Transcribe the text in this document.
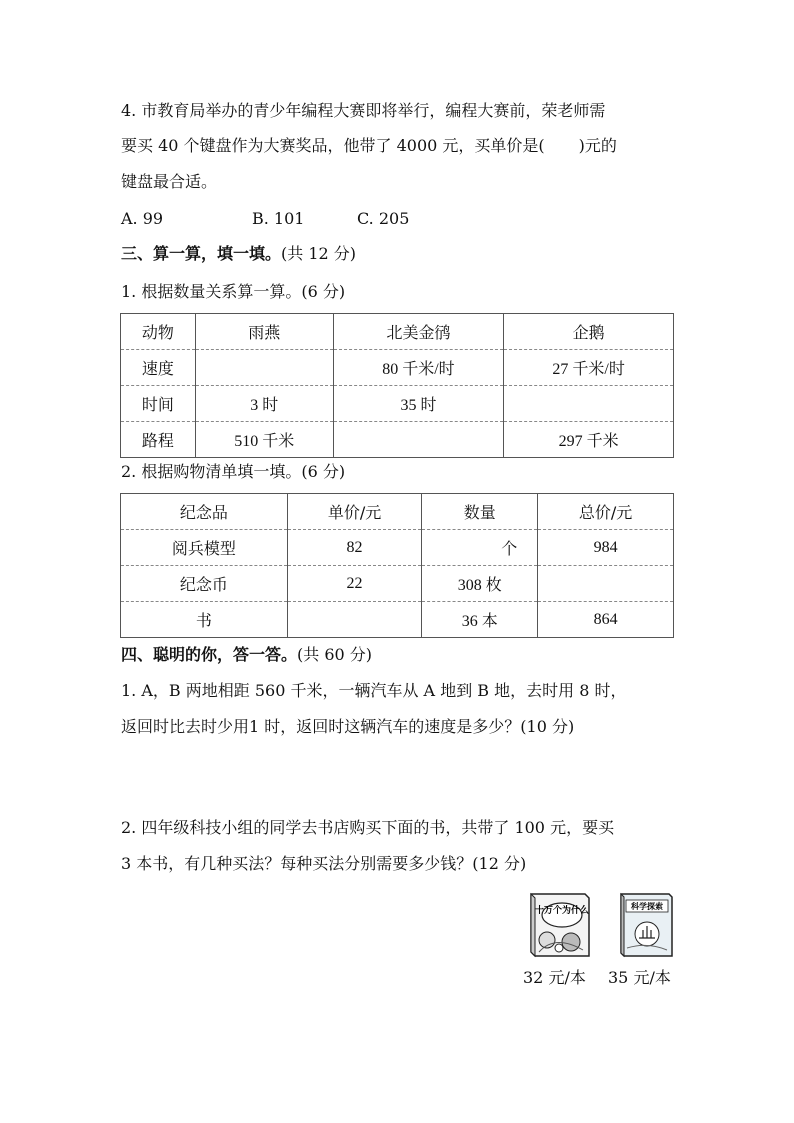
4. 市教育局举办的青少年编程大赛即将举行，编程大赛前，荣老师需
要买 40 个键盘作为大赛奖品，他带了 4000 元，买单价是( )元的
键盘最合适。
A. 99	B. 101	C. 205
三、算一算，填一填。(共 12 分)
1. 根据数量关系算一算。(6 分)
动物	雨燕	北美金鸻	企鹅
速度		80 千米/时	27 千米/时
时间	3 时	35 时	
路程	510 千米		297 千米
2. 根据购物清单填一填。(6 分)
纪念品	单价/元	数量	总价/元
阅兵模型	82	个	984
纪念币	22	308 枚	
书		36 本	864
四、聪明的你，答一答。(共 60 分)
1. A，B 两地相距 560 千米，一辆汽车从 A 地到 B 地，去时用 8 时，
返回时比去时少用1 时，返回时这辆汽车的速度是多少？(10 分)
2. 四年级科技小组的同学去书店购买下面的书，共带了 100 元，要买
3 本书，有几种买法？每种买法分别需要多少钱？(12 分)
十万个为什么	科学探索
32 元/本 35 元/本
